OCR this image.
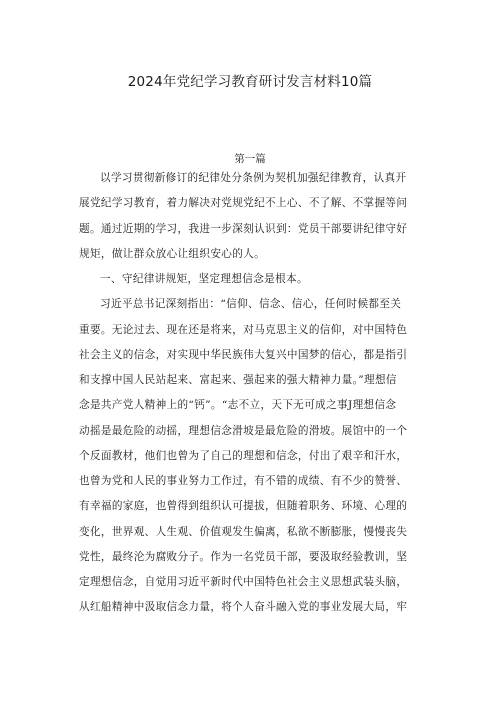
2024年党纪学习教育研讨发言材料10篇
第一篇
以学习贯彻新修订的纪律处分条例为契机加强纪律教育，认真开
展党纪学习教育，着力解决对党规党纪不上心、不了解、不掌握等问
题。通过近期的学习，我进一步深刻认识到：党员干部要讲纪律守好
规矩，做让群众放心让组织安心的人。
一、守纪律讲规矩，坚定理想信念是根本。
习近平总书记深刻指出：“信仰、信念、信心，任何时候都至关
重要。无论过去、现在还是将来，对马克思主义的信仰，对中国特色
社会主义的信念，对实现中华民族伟大复兴中国梦的信心，都是指引
和支撑中国人民站起来、富起来、强起来的强大精神力量。”理想信
念是共产党人精神上的“钙”。“志不立，天下无可成之事J理想信念
动摇是最危险的动摇，理想信念滑坡是最危险的滑坡。展馆中的一个
个反面教材，他们也曾为了自己的理想和信念，付出了艰辛和汗水，
也曾为党和人民的事业努力工作过，有不错的成绩、有不少的赞誉、
有幸福的家庭，也曾得到组织认可提拔，但随着职务、环境、心理的
变化，世界观、人生观、价值观发生偏离，私欲不断膨胀，慢慢丧失
党性，最终沦为腐败分子。作为一名党员干部，要汲取经验教训，坚
定理想信念，自觉用习近平新时代中国特色社会主义思想武装头脑，
从红船精神中汲取信念力量，将个人奋斗融入党的事业发展大局，牢
